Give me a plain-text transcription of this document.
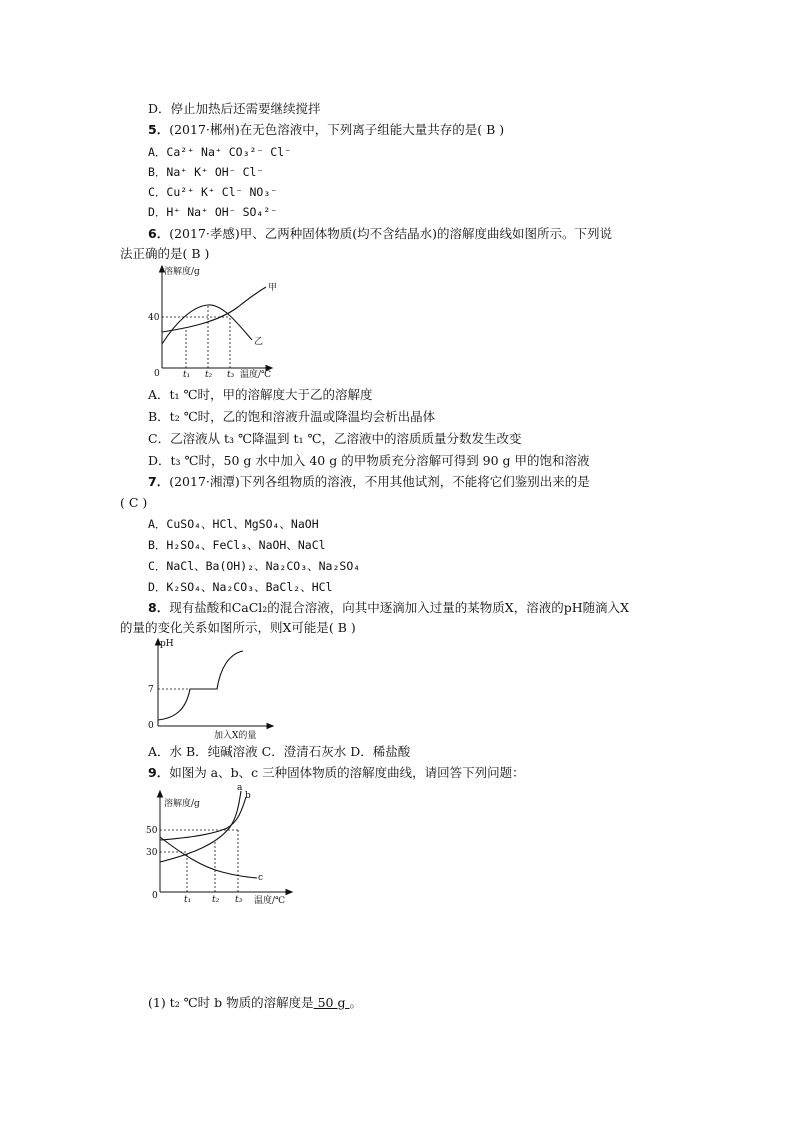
D．停止加热后还需要继续搅拌
5．(2017·郴州)在无色溶液中，下列离子组能大量共存的是( B )
A．Ca²⁺ Na⁺ CO₃²⁻ Cl⁻
B．Na⁺ K⁺ OH⁻ Cl⁻
C．Cu²⁺ K⁺ Cl⁻ NO₃⁻
D．H⁺ Na⁺ OH⁻ SO₄²⁻
6．(2017·孝感)甲、乙两种固体物质(均不含结晶水)的溶解度曲线如图所示。下列说
法正确的是( B )
溶解度/g
40
0	t₁ t₂ t₃ 温度/℃
甲
乙
A．t₁ ℃时，甲的溶解度大于乙的溶解度
B．t₂ ℃时，乙的饱和溶液升温或降温均会析出晶体
C．乙溶液从 t₃ ℃降温到 t₁ ℃，乙溶液中的溶质质量分数发生改变
D．t₃ ℃时，50 g 水中加入 40 g 的甲物质充分溶解可得到 90 g 甲的饱和溶液
7．(2017·湘潭)下列各组物质的溶液，不用其他试剂，不能将它们鉴别出来的是
( C )
A．CuSO₄、HCl、MgSO₄、NaOH
B．H₂SO₄、FeCl₃、NaOH、NaCl
C．NaCl、Ba(OH)₂、Na₂CO₃、Na₂SO₄
D．K₂SO₄、Na₂CO₃、BaCl₂、HCl
8．现有盐酸和CaCl₂的混合溶液，向其中逐滴加入过量的某物质X，溶液的pH随滴入X
的量的变化关系如图所示，则X可能是( B )
pH
7
0
加入X的量
A．水 B．纯碱溶液 C．澄清石灰水 D．稀盐酸
9．如图为 a、b、c 三种固体物质的溶解度曲线，请回答下列问题：
溶解度/g
50
30
0	t₁ t₂ t₃ 温度/℃
a
b
c
(1) t₂ ℃时 b 物质的溶解度是 50 g 。
